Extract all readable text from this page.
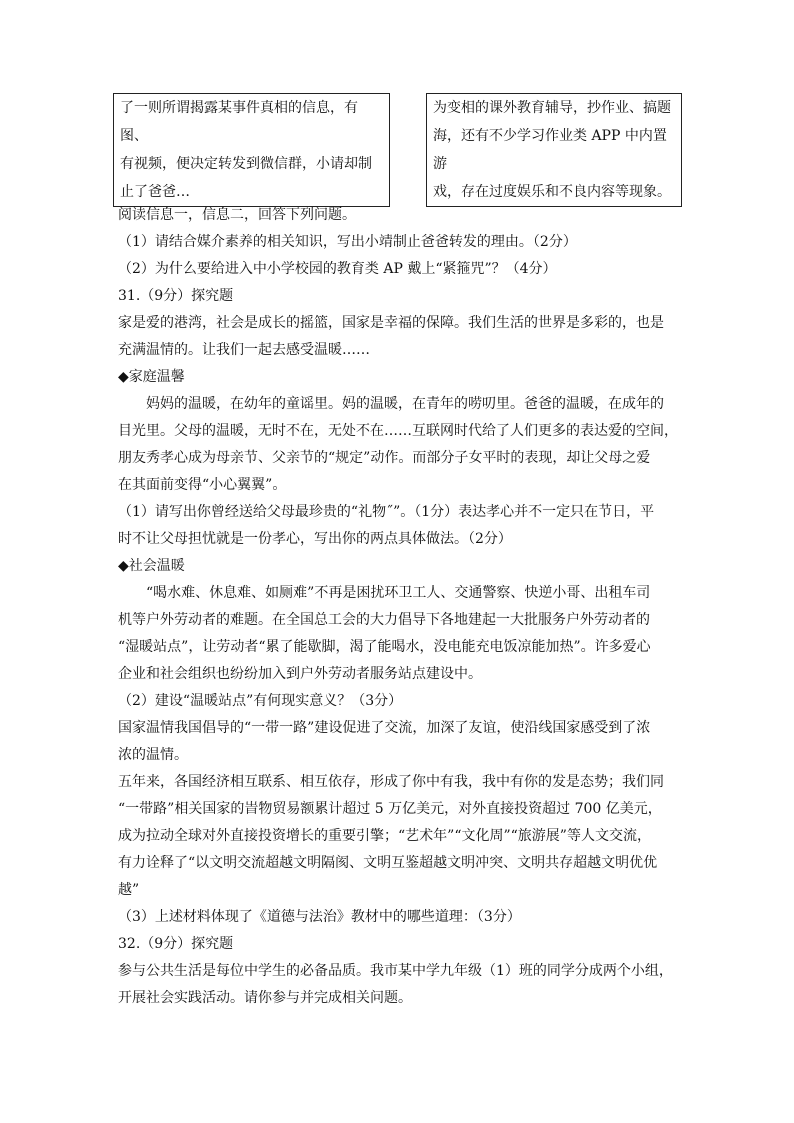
了一则所谓揭露某事件真相的信息，有图、

有视频，便决定转发到微信群，小请却制

止了爸爸…

为变相的课外教育辅导，抄作业、搞题

海，还有不少学习作业类 APP 中内置游

戏，存在过度娱乐和不良内容等现象。

阅读信息一，信息二，回答下列问题。

（1）请结合媒介素养的相关知识，写出小靖制止爸爸转发的理由。（2分）

（2）为什么要给进入中小学校园的教育类 AP 戴上“紧箍咒”？（4分）

31.（9分）探究题

家是爱的港湾，社会是成长的摇篮，国家是幸福的保障。我们生活的世界是多彩的，也是

充满温情的。让我们一起去感受温暖……

◆家庭温馨

妈妈的温暖，在幼年的童谣里。妈的温暖，在青年的唠叨里。爸爸的温暖，在成年的

目光里。父母的温暖，无时不在，无处不在……互联网时代给了人们更多的表达爱的空间，

朋友秀孝心成为母亲节、父亲节的“规定”动作。而部分子女平时的表现，却让父母之爱

在其面前变得“小心翼翼”。

（1）请写出你曾经送给父母最珍贵的“礼物˝”。（1分）表达孝心并不一定只在节日，平

时不让父母担忧就是一份孝心，写出你的两点具体做法。（2分）

◆社会温暖

“喝水难、休息难、如厕难”不再是困扰环卫工人、交通警察、快逆小哥、出租车司

机等户外劳动者的难题。在全国总工会的大力倡导下各地建起一大批服务户外劳动者的

“湿暖站点”，让劳动者“累了能歇脚，渴了能喝水，没电能充电饭凉能加热”。许多爱心

企业和社会组织也纷纷加入到户外劳动者服务站点建设中。

（2）建设“温暖站点”有何现实意义？（3分）

国家温情我国倡导的“一带一路”建设促进了交流，加深了友谊，使沿线国家感受到了浓

浓的温情。

五年来，各国经济相互联系、相互依存，形成了你中有我，我中有你的发是态势；我们同

“一带路”相关国家的旹物贸易额累计超过 5 万亿美元，对外直接投资超过 700 亿美元，

成为拉动全球对外直接投资增长的重要引擎；“艺术年”“文化周”“旅游展”等人文交流，

有力诠释了“以文明交流超越文明隔阂、文明互鉴超越文明冲突、文明共存超越文明优优

越”

（3）上述材料体现了《道德与法治》教材中的哪些道理：（3分）

32.（9分）探究题

参与公共生活是每位中学生的必备品质。我市某中学九年级（1）班的同学分成两个小组，

开展社会实践活动。请你参与并完成相关问题。
